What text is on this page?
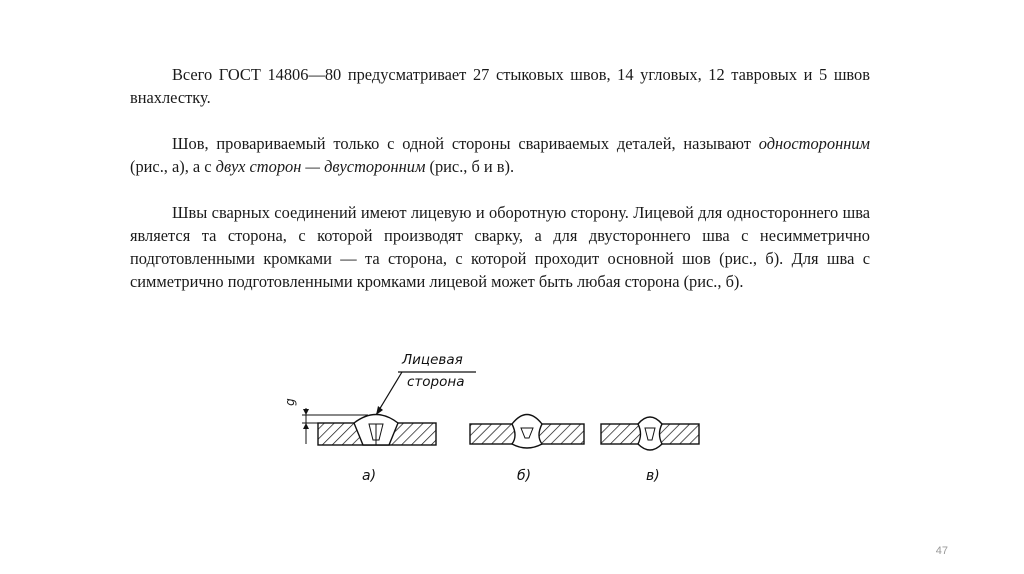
Всего ГОСТ 14806—80 предусматривает 27 стыковых швов, 14 угловых, 12 тавровых и 5 швов внахлестку.

Шов, провариваемый только с одной стороны свариваемых деталей, называют односторонним (рис., а), а с двух сторон — двусторонним (рис., б и в).

Швы сварных соединений имеют лицевую и оборотную сторону. Лицевой для одностороннего шва является та сторона, с которой производят сварку, а для двустороннего шва с несимметрично подготовленными кромками — та сторона, с которой проходит основной шов (рис., б). Для шва с симметрично подготовленными кромками лицевой может быть любая сторона (рис., б).

Лицевая
сторона
g
а)	б)	в)
47
